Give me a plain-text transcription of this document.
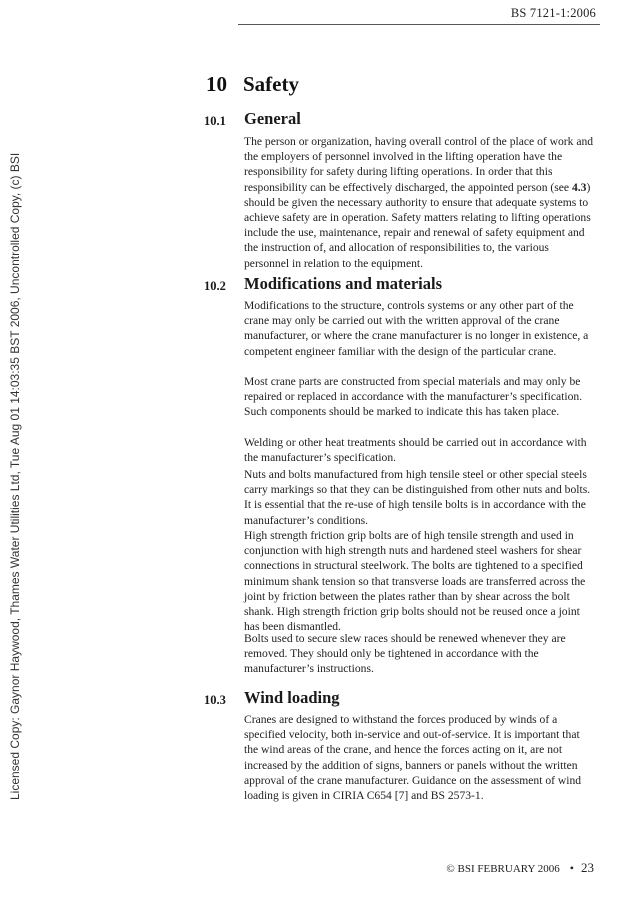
BS 7121-1:2006
Licensed Copy: Gaynor Haywood, Thames Water Utilities Ltd, Tue Aug 01 14:03:35 BST 2006, Uncontrolled Copy, (c) BSI
10 Safety
10.1	General

The person or organization, having overall control of the place of work and the employers of personnel involved in the lifting operation have the responsibility for safety during lifting operations. In order that this responsibility can be effectively discharged, the appointed person (see 4.3) should be given the necessary authority to ensure that adequate systems to achieve safety are in operation. Safety matters relating to lifting operations include the use, maintenance, repair and renewal of safety equipment and the instruction of, and allocation of responsibilities to, the various personnel in relation to the equipment.

10.2	Modifications and materials

Modifications to the structure, controls systems or any other part of the crane may only be carried out with the written approval of the crane manufacturer, or where the crane manufacturer is no longer in existence, a competent engineer familiar with the design of the particular crane.

Most crane parts are constructed from special materials and may only be repaired or replaced in accordance with the manufacturer’s specification. Such components should be marked to indicate this has taken place.

Welding or other heat treatments should be carried out in accordance with the manufacturer’s specification.

Nuts and bolts manufactured from high tensile steel or other special steels carry markings so that they can be distinguished from other nuts and bolts. It is essential that the re-use of high tensile bolts is in accordance with the manufacturer’s conditions.

High strength friction grip bolts are of high tensile strength and used in conjunction with high strength nuts and hardened steel washers for shear connections in structural steelwork. The bolts are tightened to a specified minimum shank tension so that transverse loads are transferred across the joint by friction between the plates rather than by shear across the bolt shank. High strength friction grip bolts should not be reused once a joint has been dismantled.

Bolts used to secure slew races should be renewed whenever they are removed. They should only be tightened in accordance with the manufacturer’s instructions.

10.3	Wind loading

Cranes are designed to withstand the forces produced by winds of a specified velocity, both in-service and out-of-service. It is important that the wind areas of the crane, and hence the forces acting on it, are not increased by the addition of signs, banners or panels without the written approval of the crane manufacturer. Guidance on the assessment of wind loading is given in CIRIA C654 [7] and BS 2573-1.

© BSI FEBRUARY 2006 • 23
